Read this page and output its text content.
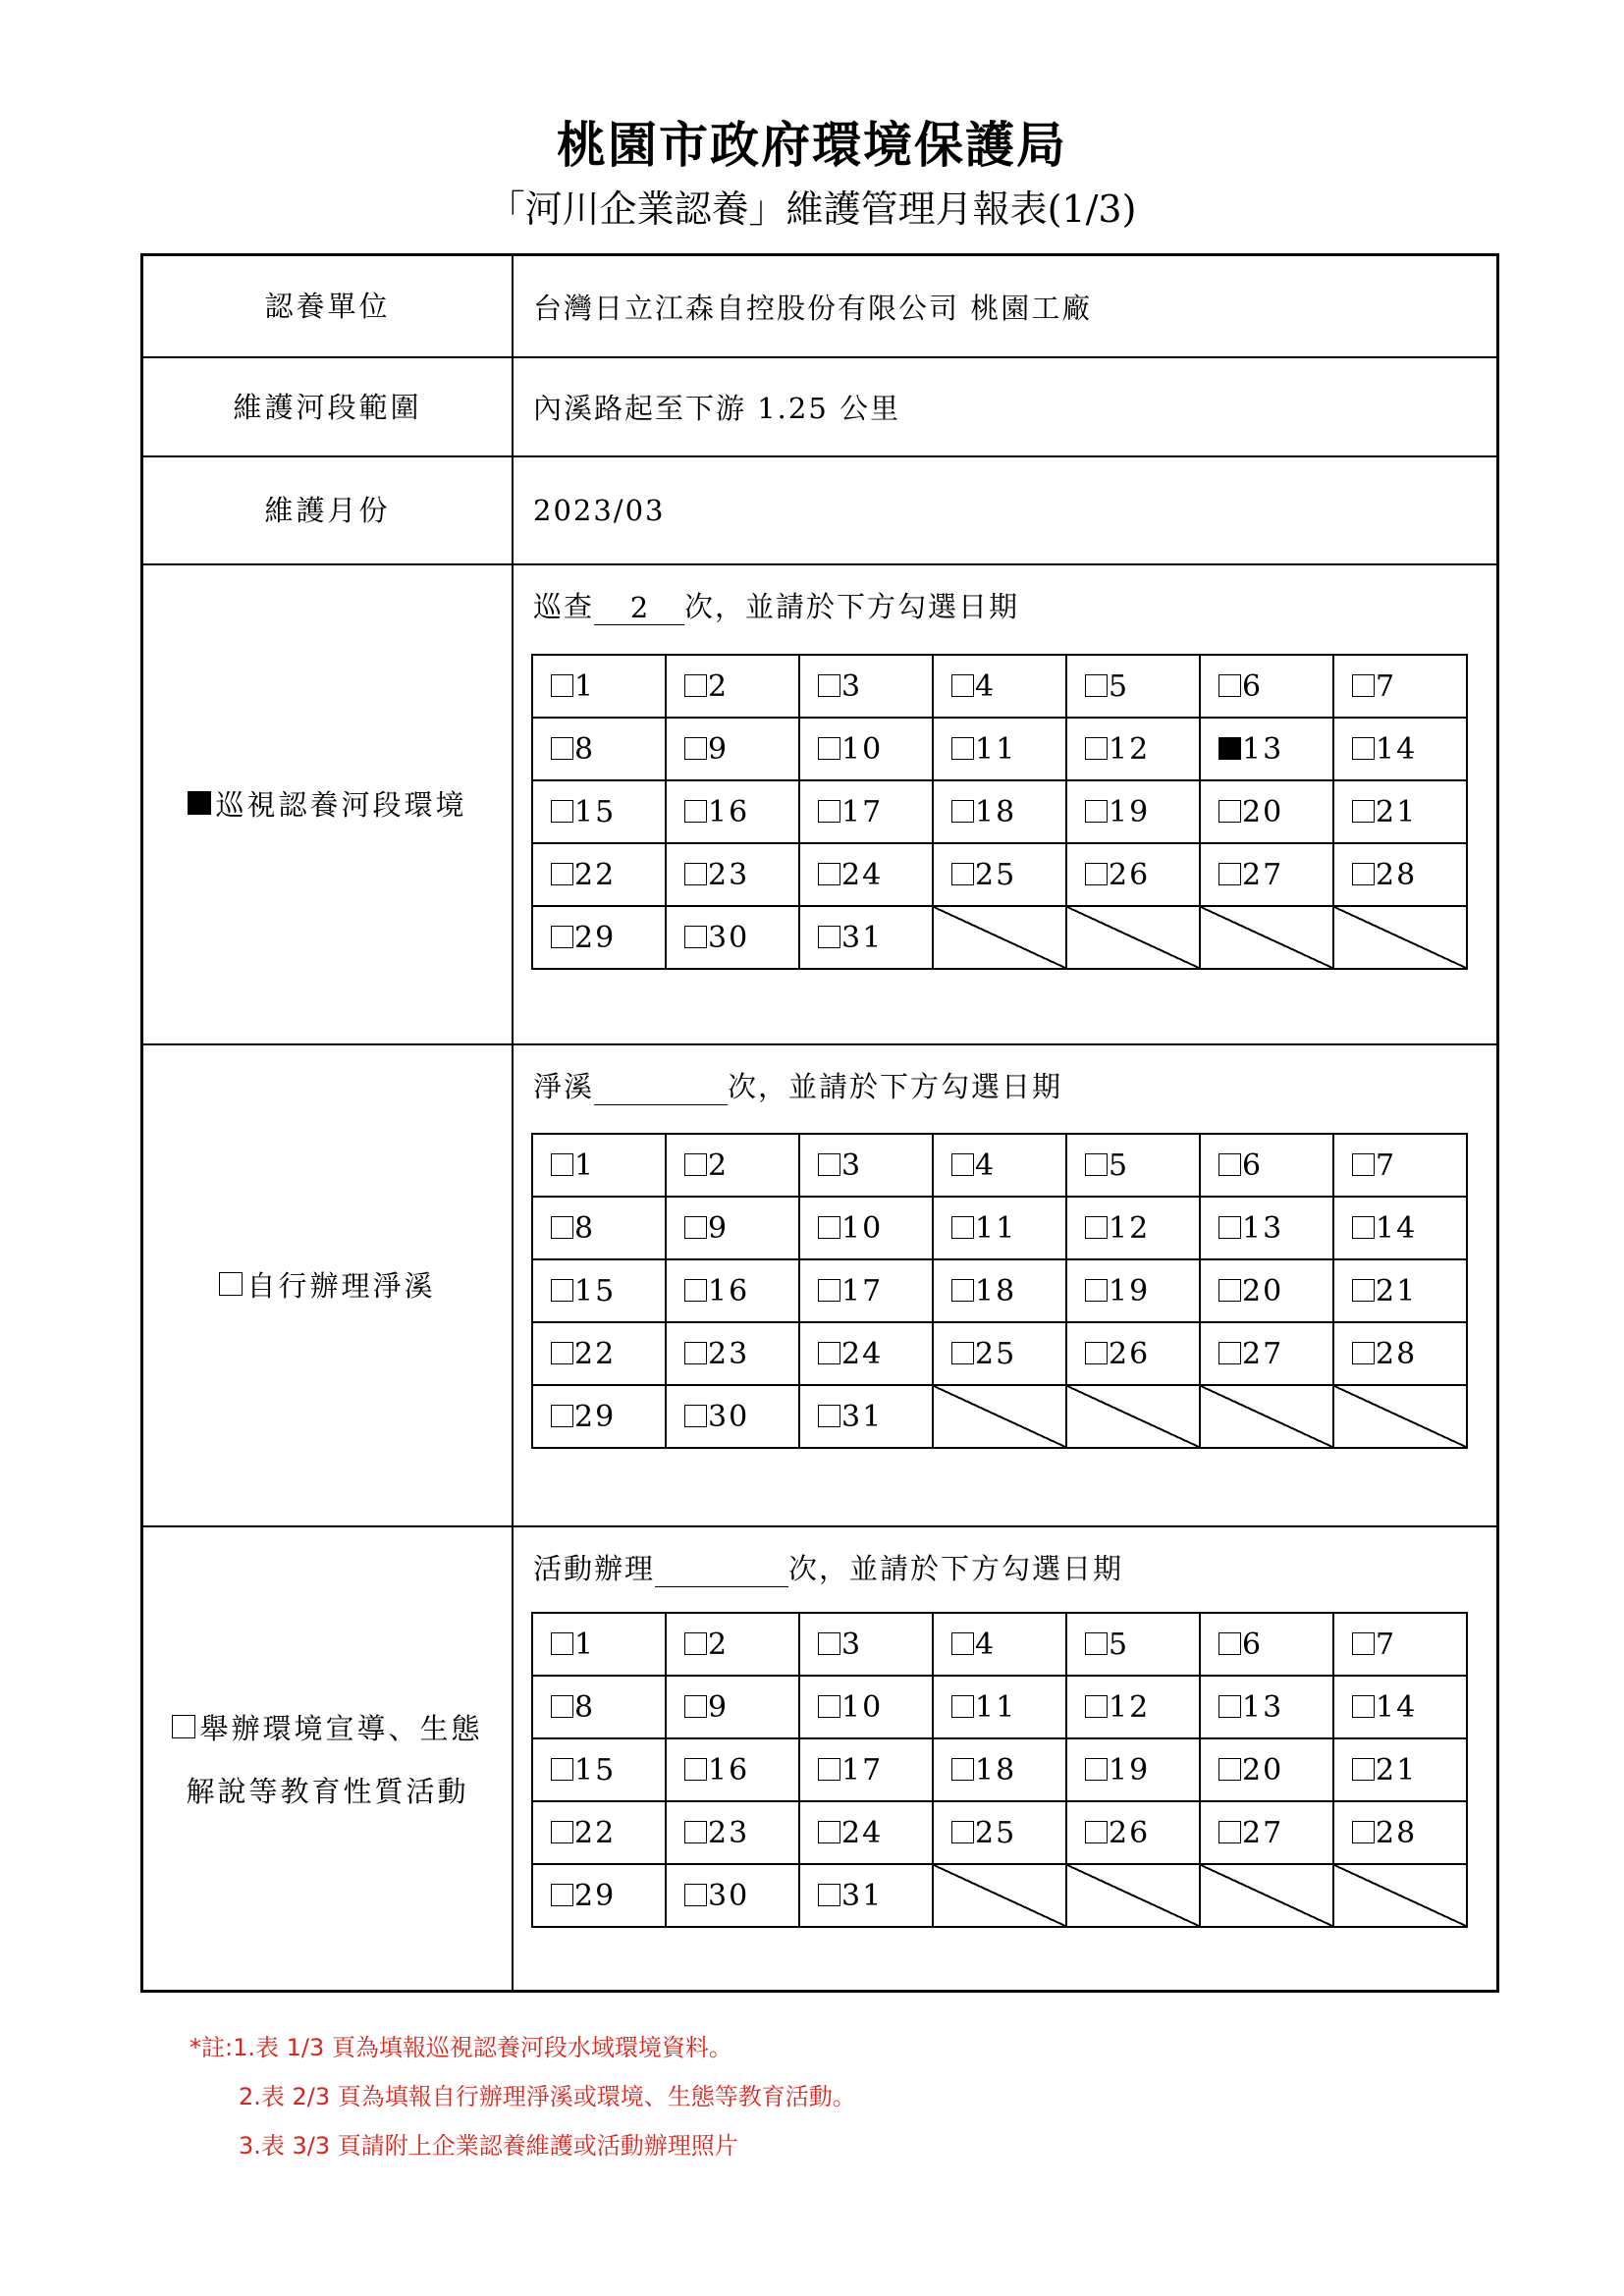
桃園市政府環境保護局
「河川企業認養」維護管理月報表(1/3)
認養單位	台灣日立江森自控股份有限公司 桃園工廠
維護河段範圍	內溪路起至下游 1.25 公里
維護月份	2023/03
巡視認養河段環境
巡查 2 次，並請於下方勾選日期
1	2	3	4	5	6	7
8	9	10	11	12	13	14
15	16	17	18	19	20	21
22	23	24	25	26	27	28
29	30	31				
自行辦理淨溪
淨溪	次，並請於下方勾選日期
1	2	3	4	5	6	7
8	9	10	11	12	13	14
15	16	17	18	19	20	21
22	23	24	25	26	27	28
29	30	31				
舉辦環境宣導、生態
解說等教育性質活動
活動辦理	次，並請於下方勾選日期
1	2	3	4	5	6	7
8	9	10	11	12	13	14
15	16	17	18	19	20	21
22	23	24	25	26	27	28
29	30	31				
*註:1.表 1/3 頁為填報巡視認養河段水域環境資料。
2.表 2/3 頁為填報自行辦理淨溪或環境、生態等教育活動。
3.表 3/3 頁請附上企業認養維護或活動辦理照片
